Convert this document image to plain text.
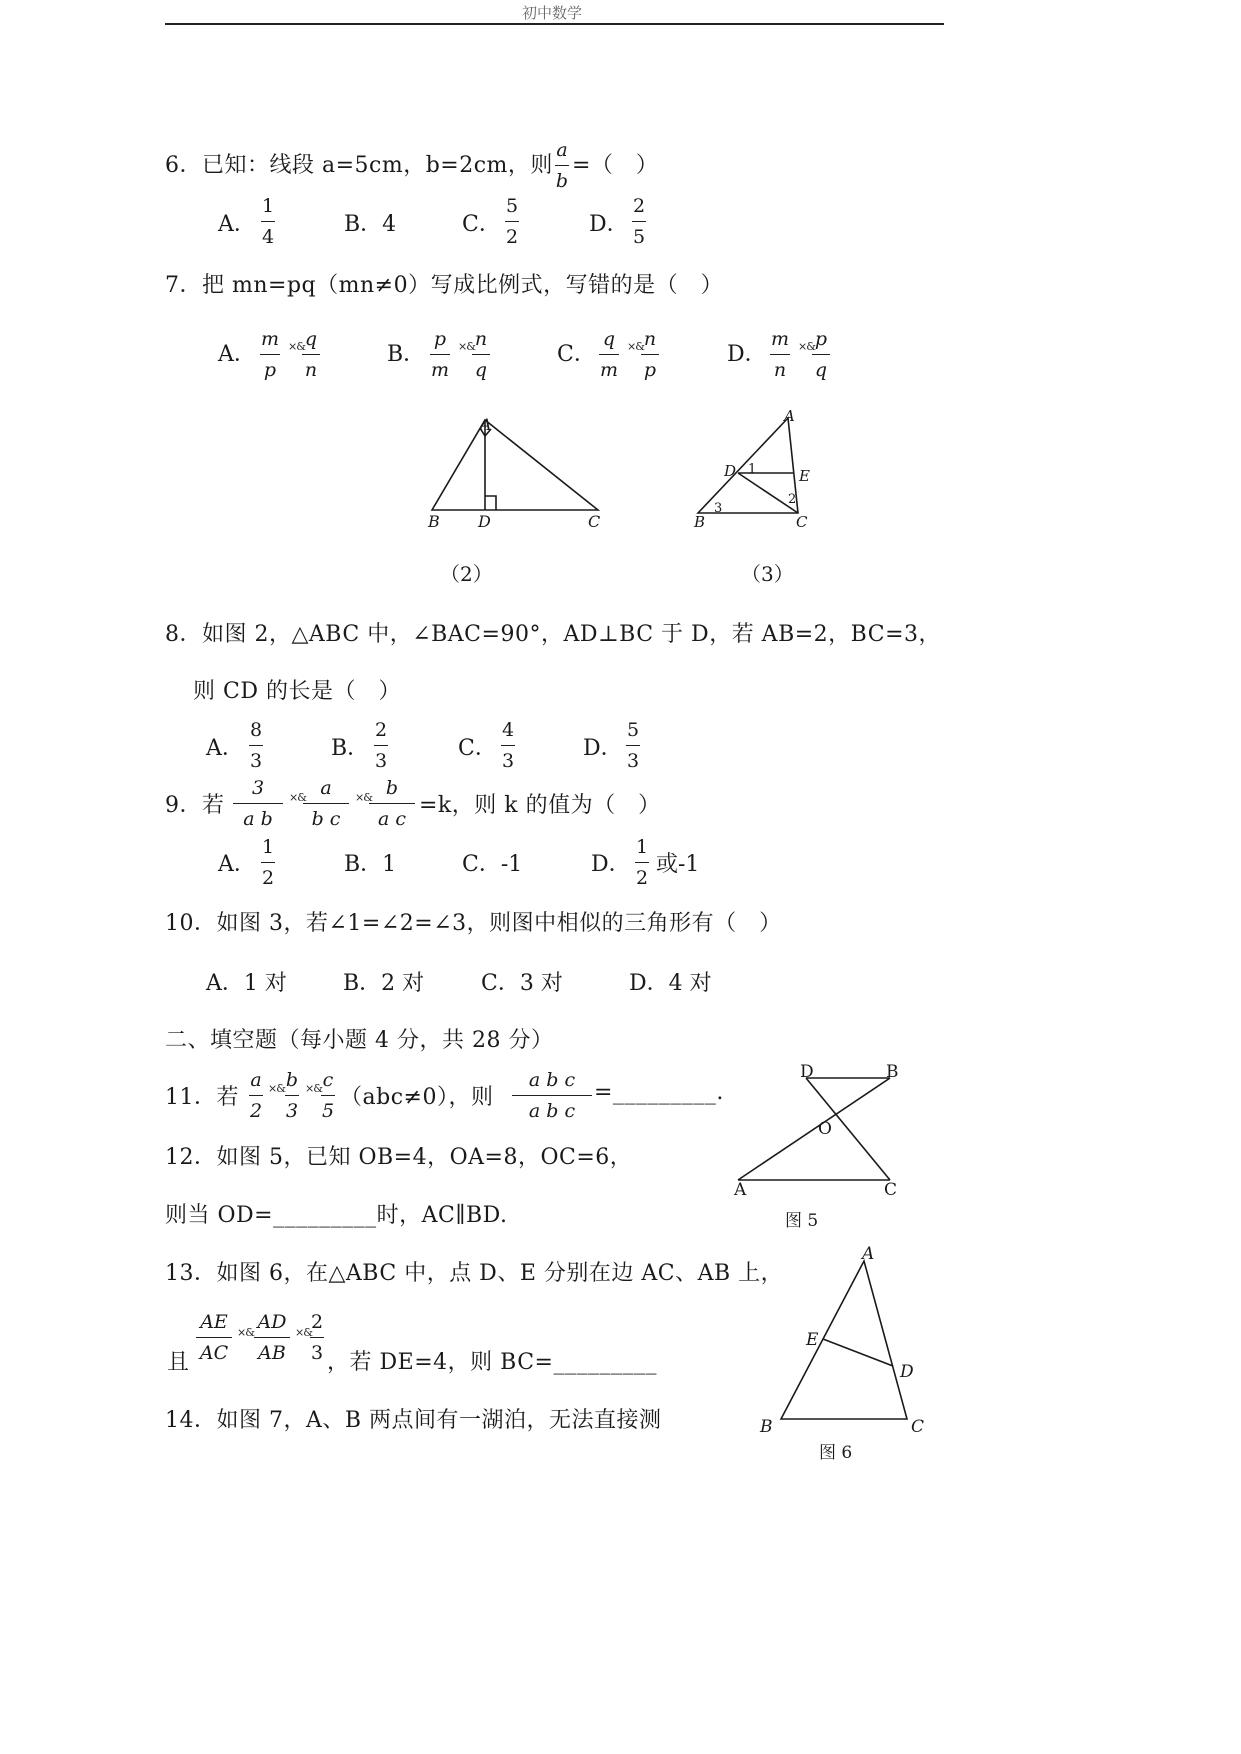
初中数学
6．已知：线段 a=5cm，b=2cm，则
a
b
=（　）
A．
1
4	B．4	C．
5
2	D．
2
5
7．把 mn=pq（mn≠0）写成比例式，写错的是（　）
A．
m
p
×& q
n
B．
p
m
×& n
q
C．
q
m
×& n
p
D．
m
n
×& p
q
A
B D	C
（2）
A
D	E
B	C
1
2
3
（3）
8．如图 2，△ABC 中，∠BAC=90°，AD⊥BC 于 D，若 AB=2，BC=3，
则 CD 的长是（　）
A．
8
3	B．
2
3	C．
4
3	D．
5
3
9．若
3
a b
×& a
b c
×& b
a c
=k，则 k 的值为（　）
A．
1
2
B．1	C．-1	D．
1
2
或-1
10．如图 3，若∠1=∠2=∠3，则图中相似的三角形有（　）
A．1 对	B．2 对	C．3 对	D．4 对
二、填空题（每小题 4 分，共 28 分）
11．若
a
2
×& b
3
×& c
5
（abc≠0），则
a b c
a b c
=_________.
12．如图 5，已知 OB=4，OA=8，OC=6，
则当 OD=_________时，AC∥BD.
D	B
O
A	C
图 5
13．如图 6，在△ABC 中，点 D、E 分别在边 AC、AB 上，
且
AE
AC
×& AD
AB
×&
2
3 ，若 DE=4，则 BC=_________
A
E
D
B	C
图 6
14．如图 7，A、B 两点间有一湖泊，无法直接测
